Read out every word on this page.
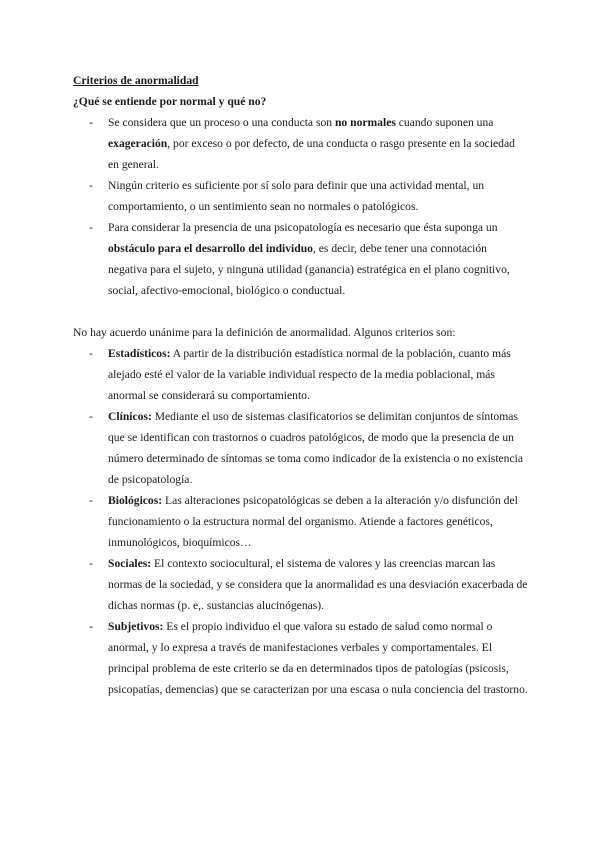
Criterios de anormalidad

¿Qué se entiende por normal y qué no?

- Se considera que un proceso o una conducta son no normales cuando suponen una exageración, por exceso o por defecto, de una conducta o rasgo presente en la sociedad en general.
- Ningún criterio es suficiente por sí solo para definir que una actividad mental, un comportamiento, o un sentimiento sean no normales o patológicos.
- Para considerar la presencia de una psicopatología es necesario que ésta suponga un obstáculo para el desarrollo del individuo, es decir, debe tener una connotación negativa para el sujeto, y ninguna utilidad (ganancia) estratégica en el plano cognitivo, social, afectivo-emocional, biológico o conductual.

No hay acuerdo unánime para la definición de anormalidad. Algunos criterios son:

- Estadísticos: A partir de la distribución estadística normal de la población, cuanto más alejado esté el valor de la variable individual respecto de la media poblacional, más anormal se considerará su comportamiento.
- Clínicos: Mediante el uso de sistemas clasificatorios se delimitan conjuntos de síntomas que se identifican con trastornos o cuadros patológicos, de modo que la presencia de un número determinado de síntomas se toma como indicador de la existencia o no existencia de psicopatología.
- Biológicos: Las alteraciones psicopatológicas se deben a la alteración y/o disfunción del funcionamiento o la estructura normal del organismo. Atiende a factores genéticos, inmunológicos, bioquímicos…
- Sociales: El contexto sociocultural, el sistema de valores y las creencias marcan las normas de la sociedad, y se considera que la anormalidad es una desviación exacerbada de dichas normas (p. e,. sustancias alucinógenas).
- Subjetivos: Es el propio individuo el que valora su estado de salud como normal o anormal, y lo expresa a través de manifestaciones verbales y comportamentales. El principal problema de este criterio se da en determinados tipos de patologías (psicosis, psicopatías, demencias) que se caracterizan por una escasa o nula conciencia del trastorno.
